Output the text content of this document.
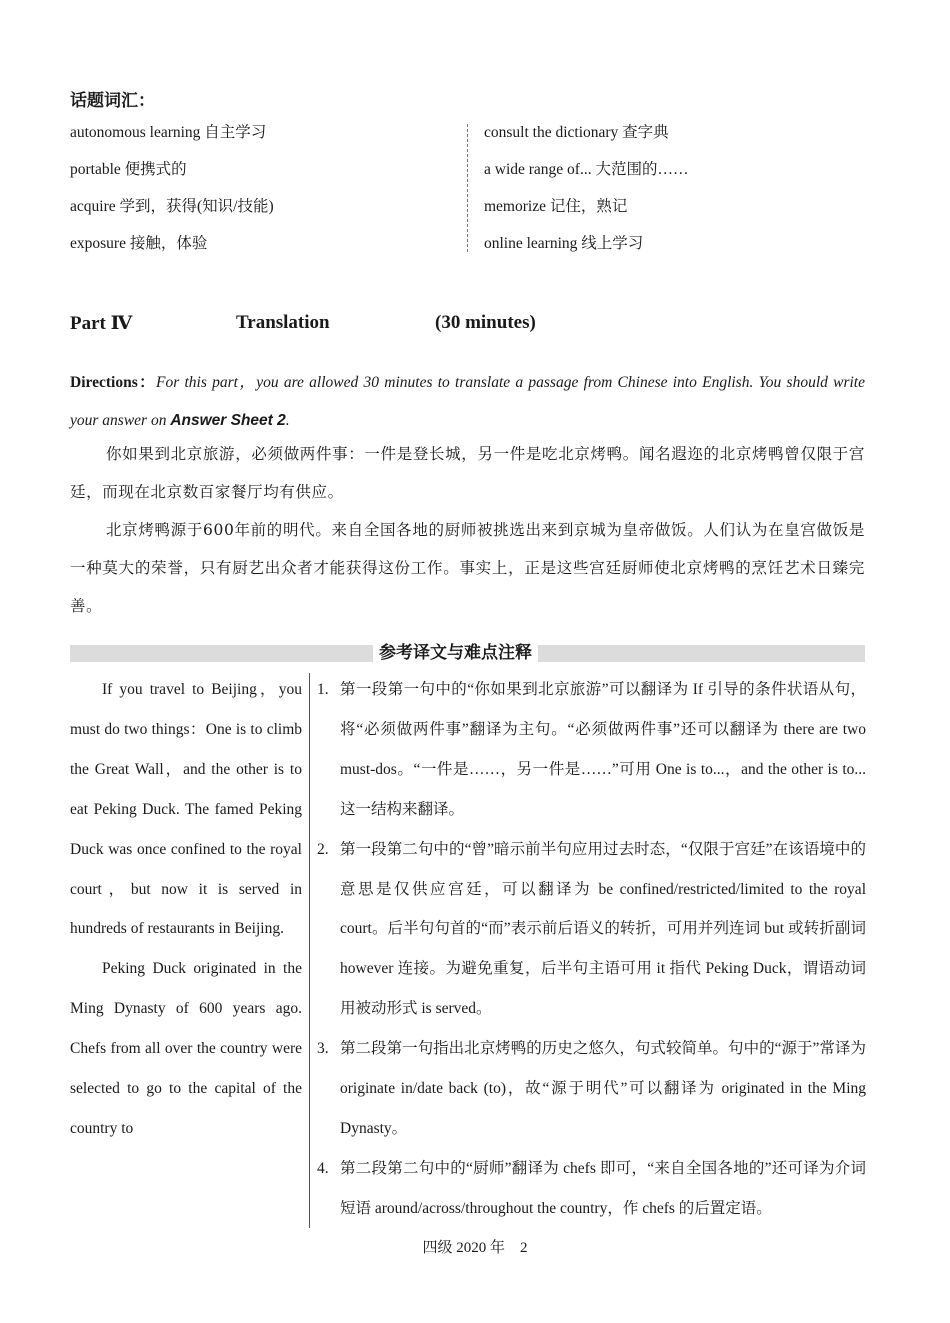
话题词汇：
autonomous learning 自主学习
portable 便携式的
acquire 学到，获得(知识/技能)
exposure 接触，体验
consult the dictionary 查字典
a wide range of... 大范围的……
memorize 记住，熟记
online learning 线上学习
Part Ⅳ	Translation	(30 minutes)
Directions：For this part，you are allowed 30 minutes to translate a passage from Chinese into English. You should write your answer on Answer Sheet 2.
你如果到北京旅游，必须做两件事：一件是登长城，另一件是吃北京烤鸭。闻名遐迩的北京烤鸭曾仅限于宫廷，而现在北京数百家餐厅均有供应。
北京烤鸭源于600年前的明代。来自全国各地的厨师被挑选出来到京城为皇帝做饭。人们认为在皇宫做饭是一种莫大的荣誉，只有厨艺出众者才能获得这份工作。事实上，正是这些宫廷厨师使北京烤鸭的烹饪艺术日臻完善。
参考译文与难点注释

If you travel to Beijing，you must do two things：One is to climb the Great Wall，and the other is to eat Peking Duck. The famed Peking Duck was once confined to the royal court，but now it is served in hundreds of restaurants in Beijing.

Peking Duck originated in the Ming Dynasty of 600 years ago. Chefs from all over the country were selected to go to the capital of the country to

1. 第一段第一句中的“你如果到北京旅游”可以翻译为 If 引导的条件状语从句，将“必须做两件事”翻译为主句。“必须做两件事”还可以翻译为 there are two must-dos。“一件是……，另一件是……”可用 One is to...，and the other is to...这一结构来翻译。
2. 第一段第二句中的“曾”暗示前半句应用过去时态，“仅限于宫廷”在该语境中的意思是仅供应宫廷，可以翻译为 be confined/restricted/limited to the royal court。后半句句首的“而”表示前后语义的转折，可用并列连词 but 或转折副词 however 连接。为避免重复，后半句主语可用 it 指代 Peking Duck，谓语动词用被动形式 is served。
3. 第二段第一句指出北京烤鸭的历史之悠久，句式较简单。句中的“源于”常译为 originate in/date back (to)，故“源于明代”可以翻译为 originated in the Ming Dynasty。
4. 第二段第二句中的“厨师”翻译为 chefs 即可，“来自全国各地的”还可译为介词短语 around/across/throughout the country，作 chefs 的后置定语。
四级 2020 年　2
